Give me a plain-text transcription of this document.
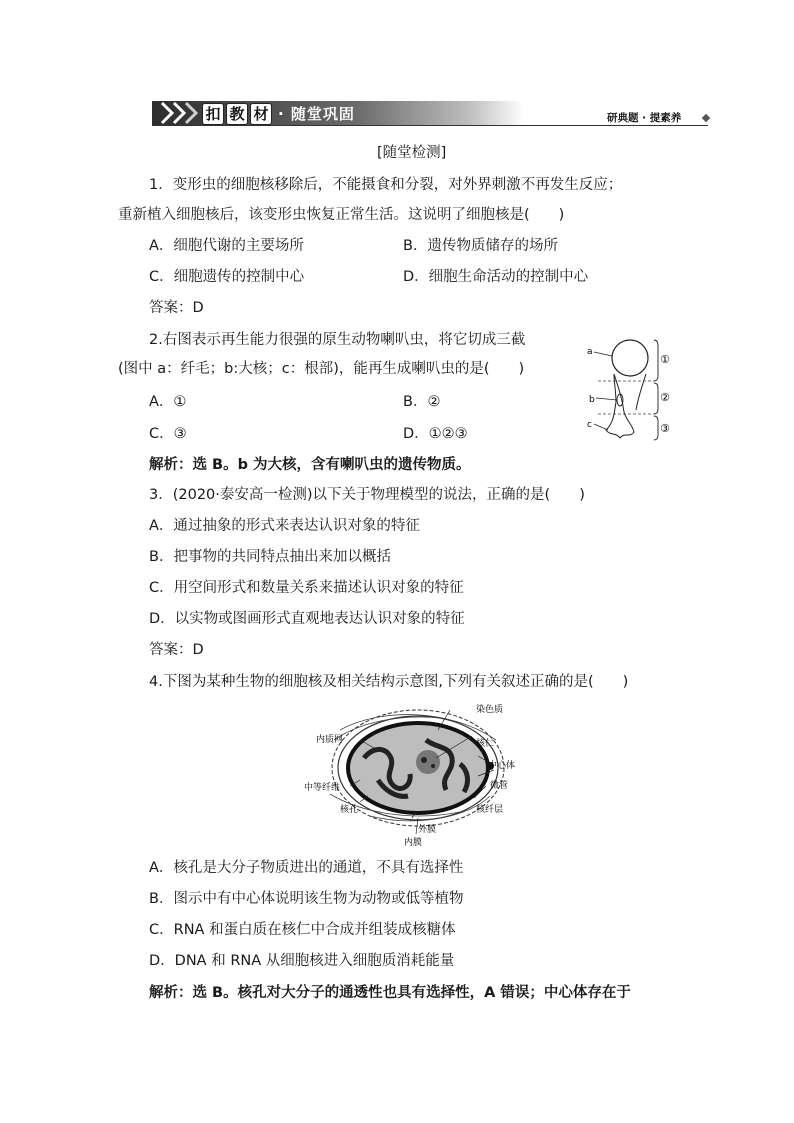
扣 教 材 · 随堂巩固	研典题 · 提素养
[随堂检测]
1．变形虫的细胞核移除后，不能摄食和分裂，对外界刺激不再发生反应；
重新植入细胞核后，该变形虫恢复正常生活。这说明了细胞核是(　　)
A．细胞代谢的主要场所	B．遗传物质储存的场所
C．细胞遗传的控制中心	D．细胞生命活动的控制中心
答案：D
2.右图表示再生能力很强的原生动物喇叭虫，将它切成三截
(图中 a：纤毛；b:大核；c：根部)，能再生成喇叭虫的是(　　)
A．①	B．②
C．③	D．①②③
解析：选 B。b 为大核，含有喇叭虫的遗传物质。
a
b
c
①
②
③
3．(2020·泰安高一检测)以下关于物理模型的说法，正确的是(　　)
A．通过抽象的形式来表达认识对象的特征
B．把事物的共同特点抽出来加以概括
C．用空间形式和数量关系来描述认识对象的特征
D．以实物或图画形式直观地表达认识对象的特征
答案：D
4.下图为某种生物的细胞核及相关结构示意图,下列有关叙述正确的是(　　)
染色质
内质网	核仁
中心体
微管
中等纤维
核孔	核纤层
外膜
内膜
A．核孔是大分子物质进出的通道，不具有选择性
B．图示中有中心体说明该生物为动物或低等植物
C．RNA 和蛋白质在核仁中合成并组装成核糖体
D．DNA 和 RNA 从细胞核进入细胞质消耗能量
解析：选 B。核孔对大分子的通透性也具有选择性，A 错误；中心体存在于
